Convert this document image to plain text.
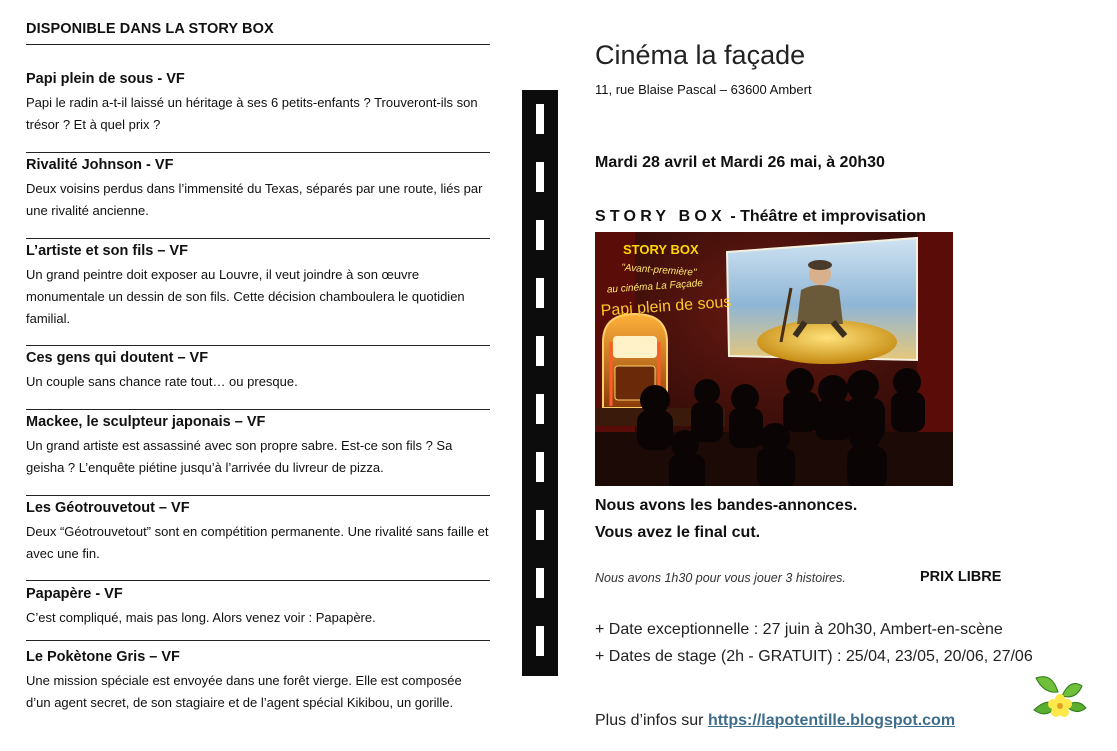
DISPONIBLE DANS LA STORY BOX
Papi plein de sous - VF
Papi le radin a-t-il laissé un héritage à ses 6 petits-enfants ? Trouveront-ils son trésor ? Et à quel prix ?
Rivalité Johnson - VF
Deux voisins perdus dans l’immensité du Texas, séparés par une route, liés par une rivalité ancienne.
L’artiste et son fils – VF
Un grand peintre doit exposer au Louvre, il veut joindre à son œuvre monumentale un dessin de son fils. Cette décision chamboulera le quotidien familial.
Ces gens qui doutent – VF
Un couple sans chance rate tout… ou presque.
Mackee, le sculpteur japonais – VF
Un grand artiste est assassiné avec son propre sabre. Est-ce son fils ? Sa geisha ? L’enquête piétine jusqu’à l’arrivée du livreur de pizza.
Les Géotrouvetout – VF
Deux “Géotrouvetout” sont en compétition permanente. Une rivalité sans faille et avec une fin.
Papapère - VF
C’est compliqué, mais pas long. Alors venez voir : Papapère.
Le Pokètone Gris – VF
Une mission spéciale est envoyée dans une forêt vierge. Elle est composée d’un agent secret, de son stagiaire et de l’agent spécial Kikibou, un gorille.
Cinéma la façade
11, rue Blaise Pascal – 63600 Ambert
Mardi 28 avril et Mardi 26 mai, à 20h30
STORY BOX - Théâtre et improvisation
STORY BOX
"Avant-première"
au cinéma La Façade
Papi plein de sous
Nous avons les bandes-annonces.
Vous avez le final cut.
Nous avons 1h30 pour vous jouer 3 histoires.	PRIX LIBRE
+ Date exceptionnelle : 27 juin à 20h30, Ambert-en-scène
+ Dates de stage (2h - GRATUIT) : 25/04, 23/05, 20/06, 27/06
Plus d’infos sur https://lapotentille.blogspot.com
